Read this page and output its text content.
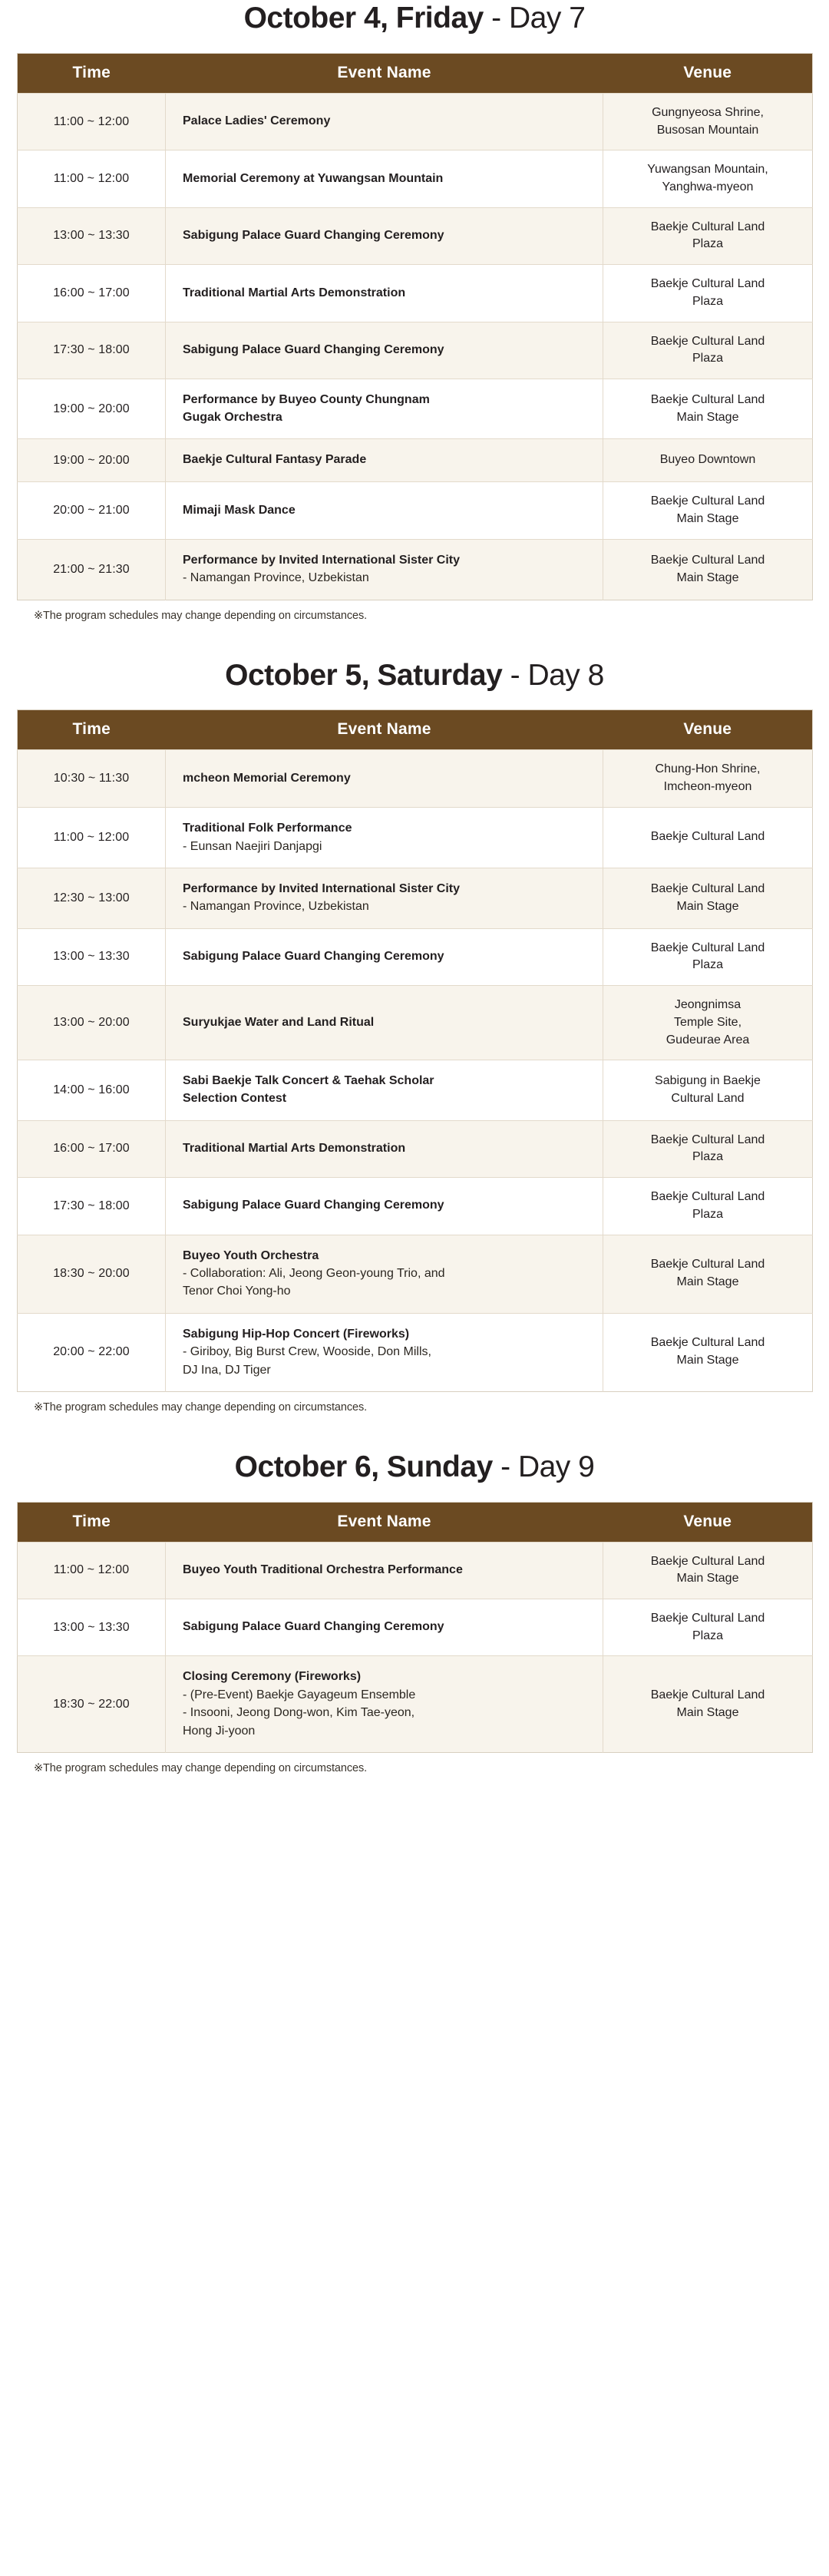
October 4, Friday - Day 7
Time	Event Name	Venue
11:00 ~ 12:00	Palace Ladies' Ceremony	Gungnyeosa Shrine,
Busosan Mountain
11:00 ~ 12:00	Memorial Ceremony at Yuwangsan Mountain	Yuwangsan Mountain,
Yanghwa-myeon
13:00 ~ 13:30	Sabigung Palace Guard Changing Ceremony	Baekje Cultural Land
Plaza
16:00 ~ 17:00	Traditional Martial Arts Demonstration	Baekje Cultural Land
Plaza
17:30 ~ 18:00	Sabigung Palace Guard Changing Ceremony	Baekje Cultural Land
Plaza
19:00 ~ 20:00	Performance by Buyeo County Chungnam
Gugak Orchestra	Baekje Cultural Land
Main Stage
19:00 ~ 20:00	Baekje Cultural Fantasy Parade	Buyeo Downtown
20:00 ~ 21:00	Mimaji Mask Dance	Baekje Cultural Land
Main Stage
21:00 ~ 21:30	Performance by Invited International Sister City
- Namangan Province, Uzbekistan	Baekje Cultural Land
Main Stage
※The program schedules may change depending on circumstances.
October 5, Saturday - Day 8
Time	Event Name	Venue
10:30 ~ 11:30	mcheon Memorial Ceremony	Chung-Hon Shrine,
Imcheon-myeon
11:00 ~ 12:00	Traditional Folk Performance
- Eunsan Naejiri Danjapgi	Baekje Cultural Land
12:30 ~ 13:00	Performance by Invited International Sister City
- Namangan Province, Uzbekistan	Baekje Cultural Land
Main Stage
13:00 ~ 13:30	Sabigung Palace Guard Changing Ceremony	Baekje Cultural Land
Plaza
13:00 ~ 20:00	Suryukjae Water and Land Ritual	Jeongnimsa
Temple Site,
Gudeurae Area
14:00 ~ 16:00	Sabi Baekje Talk Concert & Taehak Scholar
Selection Contest	Sabigung in Baekje
Cultural Land
16:00 ~ 17:00	Traditional Martial Arts Demonstration	Baekje Cultural Land
Plaza
17:30 ~ 18:00	Sabigung Palace Guard Changing Ceremony	Baekje Cultural Land
Plaza
18:30 ~ 20:00	Buyeo Youth Orchestra
- Collaboration: Ali, Jeong Geon-young Trio, and
Tenor Choi Yong-ho	Baekje Cultural Land
Main Stage
20:00 ~ 22:00	Sabigung Hip-Hop Concert (Fireworks)
- Giriboy, Big Burst Crew, Wooside, Don Mills,
DJ Ina, DJ Tiger	Baekje Cultural Land
Main Stage
※The program schedules may change depending on circumstances.
October 6, Sunday - Day 9
Time	Event Name	Venue
11:00 ~ 12:00	Buyeo Youth Traditional Orchestra Performance	Baekje Cultural Land
Main Stage
13:00 ~ 13:30	Sabigung Palace Guard Changing Ceremony	Baekje Cultural Land
Plaza
18:30 ~ 22:00	Closing Ceremony (Fireworks)
- (Pre-Event) Baekje Gayageum Ensemble
- Insooni, Jeong Dong-won, Kim Tae-yeon,
Hong Ji-yoon	Baekje Cultural Land
Main Stage
※The program schedules may change depending on circumstances.
